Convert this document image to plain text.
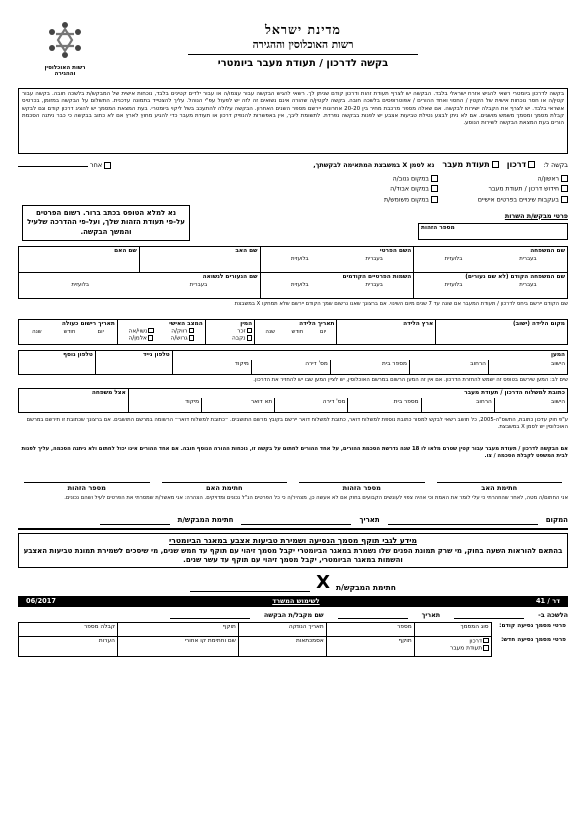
מדינת ישראל
רשות האוכלוסין וההגירה
בקשה לדרכון / תעודת מעבר ביומטרי
רשות האוכלוסין וההגירה
בקשה לדרכון ביומטרי רשאי להגיש אזרח ישראלי בלבד. הבקשה יש לצרף תעודת זהות ודרכון קודם שניתן לך. רשאי להגיש הבקשה עבור עצמו/ה או עבור ילדים קטינים בלבד, נוכחות אישית של המבקש/ת בלשכה חובה. בקשה עבור קטין/ה או חסר נוכחות אישית של הקטין / החסוי ואחד ההורים / אפוטרופסים בלשכה חובה. בקשה לקטין/ה שהורה אינם נשואים זה לזה יש לפעול עפ"י הנוהל. עליך להצטייד בתמונה עדכנית. התשלום על הבקשה במזומן, בכרטיס אשראי בלבד. יש לצרף את הקבלה ישירות לבקשה. אם שאלה מספר מרכבת מחיר בין 20-20 אחרונות יירשם מספר השנים האחרון. הבקשה עלולה להתעכב בשל ליקוי ביומטרי. בעת המצאת המסמך יש להציג דרכון קודם וגם לבקש קבלת מסמך ומסמך משמש מושגים. אם לא ניתן לבצע נטילת טביעות אצבע יש לפנות בבקשה נפרדת. לתשומת ליבך, אין באפשרות להנפיק דרכון או תעודת מעבר כדי להגיע מחוץ לארץ אם לא כתוב בבקשה כי כבר ניתנה הסכמת הורים בעת המצאת הבקשה לשירות הנוסע.
בקשה ל:
דרכון
תעודת מעבר
נא לסמן X במשבצת המתאימה לבקשתך,
אחר
ראשון/ה
במקום גנוב/ה
חידוש דרכון / תעודת מעבר
במקום אבוד/ה
בעקבות שינויים בפרטים אישיים
במקום משומש/ת
נא למלא הטופס בכתב ברור. רשום הפרטים על-פי תעודת הזהות שלך, ועל-פי ההדרכה שלעיל והמשך הבקשה.
פרטי מבקש/ת השרות
מספר הזהות
שם המשפחה
בעברית
בלועזית	השם הפרטי
בעברית
בלועזית	שם האב	שם האם

שם המשפחה הקודם (לא שם נעורים)
בעברית
בלועזית	השמות הפרטיים הקודמים
בעברית
בלועזית	שם הנעורים לנשואה
בעברית
בלועזית	
שם הקודם יירשם ביחס לדרכון / תעודת המעבר אם שונה עד 7 שנים מיום השינוי. אם ברצונך שאנו נרשום שמך הקודם יירשם שלא תמחקו X במשבצת
מקום הלידה (ישוב)

ארץ הלידה

תאריך הלידה
יום
חודש
שנה

המין
זכר
נקבה

המצב האישי
רווק/ה
נשוי/אה
גרוש/ה
אלמן/ה

תאריך רישום כעולה
יום
חודש
שנה
המען					טלפון נייד	טלפון נוסף

הישוב	הרחוב	מספר בית	מס' דירה	מיקוד		
שים לב: המען שירשם בטופס זה ישמש להחזרת הדרכון. אם אין זה המען הרשום במרשם האוכלוסין, יש לציין המען שבו יש להחזיר את הדרכון.
כתובת למשלוח הדרכון / תעודת מעבר						אצל משפחה

הישוב	הרחוב	מספר בית	מס' דירה	תא דואר	מיקוד	
ע"פ חוק עדכון כתובת, התשס"ה-2005, כל תושב רשאי לבקש למסור כתובת נוספת למשלוח דואר, כתובת למשלוח דואר יירשם בקובץ מרשם התושבים. ״כתובת למשלוח דואר״ הרשומה במרשם התושבים. אם ברצונך שכתובת זו תירשם במרשם האוכלוסין יש לסמן X במשבצת.
אם הבקשה לדרכון / תעודת מעבר עבור קטין שטרם מלאו לו 18 שנה נדרשת הסכמת ההורים, על אחד ההורים לחתום על בקשה זו, נוכחות ההורה הנוסף חובה. אם אחד ההורים אינו יכול לחתום ולא ניתנה הסכמה, עליך לפנות לבית המשפט לקבלת הסכמה / צו.
חתימת האב
מספר הזהות
חתימת האם
מספר הזהות
אני החתום/ה מטה, לאחר שהוזהרתי כי עלי לומר את האמת וכי אהיה צפוי לעונשים הקבועים בחוק אם לא אעשה כן, מצהיר/ה כי כל הפרטים הנ"ל נכונים ומדויקים. הצהרה: אני מאשר/ת שמסרתי את הפרטים לעיל ושהם נכונים.
המקום
תאריך
חתימת המבקש/ת
מידע לגבי תוקף מסמך הנסיעה ושמירת טביעות אצבע במאגר הביומטרי
בהתאם להוראות השעה בחוק, מי שרק תמונת הפנים שלו נשמרת במאגר הביומטרי יקבל מסמך זיהוי עם תוקף עד חמש שנים, מי שיסכים לשמירת תמונת טביעות האצבע והשמות במאגר הביומטרי, יקבל מסמך זיהוי עם תוקף עד עשר שנים.
חתימת המבקש/ת
X
דר / 41
לשימוש המשרד
06/2017
הלשכה ב-
תאריך
שם מקבל/ת הבקשה
פרטי מסמך נסיעה קודם:	סוג המסמך	מספר	תאריך הנפקה	תוקף	קבלה מספר
פרטי מסמך נסיעה חדש:	דרכון
תעודת מעבר	תוקף	אסמכתאות	שם וחתימת קו אחורי	הערות
